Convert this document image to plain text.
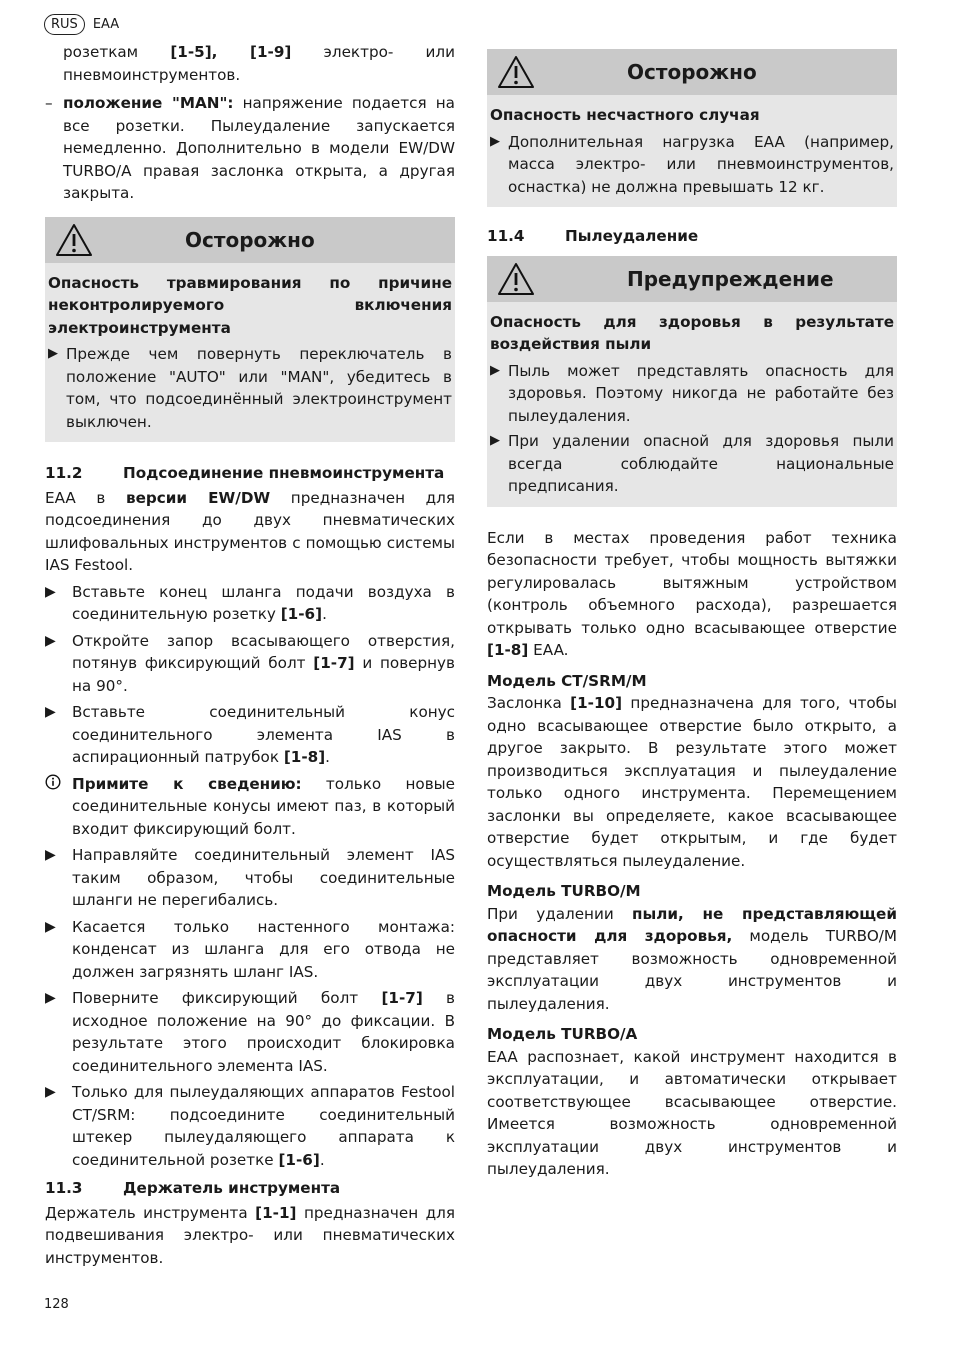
RUS	EAA

розеткам [1-5], [1-9] электро- или пневмоинструментов.

– положение "MAN": напряжение подается на все розетки. Пылеудаление запускается немедленно. Дополнительно в модели EW/DW TURBO/A правая заслонка открыта, а другая закрыта.

Осторожно

Опасность травмирования по причине неконтролируемого включения электроинструмента

▶ Прежде чем повернуть переключатель в положение "AUTO" или "MAN", убедитесь в том, что подсоединённый электроинструмент выключен.

11.2	Подсоединение пневмоинструмента

EAA в версии EW/DW предназначен для подсоединения до двух пневматических шлифовальных инструментов с помощью системы IAS Festool.

▶	Вставьте конец шланга подачи воздуха в соединительную розетку [1-6].

▶	Откройте запор всасывающего отверстия, потянув фиксирующий болт [1-7] и повернув на 90°.

▶	Вставьте соединительный конус соединительного элемента IAS в аспирационный патрубок [1-8].

Примите к сведению: только новые соединительные конусы имеют паз, в который входит фиксирующий болт.

▶	Направляйте соединительный элемент IAS таким образом, чтобы соединительные шланги не перегибались.

▶	Касается только настенного монтажа: конденсат из шланга для его отвода не должен загрязнять шланг IAS.

▶	Поверните фиксирующий болт [1-7] в исходное положение на 90° до фиксации. В результате этого происходит блокировка соединительного элемента IAS.

▶	Только для пылеудаляющих аппаратов Festool CT/SRM: подсоедините соединительный штекер пылеудаляющего аппарата к соединительной розетке [1-6].

11.3	Держатель инструмента

Держатель инструмента [1-1] предназначен для подвешивания электро- или пневматических инструментов.

Осторожно

Опасность несчастного случая

▶ Дополнительная нагрузка EAA (например, масса электро- или пневмоинструментов, оснастка) не должна превышать 12 кг.

11.4	Пылеудаление
Предупреждение

Опасность для здоровья в результате воздействия пыли

▶ Пыль может представлять опасность для здоровья. Поэтому никогда не работайте без пылеудаления.

▶ При удалении опасной для здоровья пыли всегда соблюдайте национальные предписания.

Если в местах проведения работ техника безопасности требует, чтобы мощность вытяжки регулировалась вытяжным устройством (контроль объемного расхода), разрешается открывать только одно всасывающее отверстие [1-8] EAA.

Модель CT/SRM/M

Заслонка [1-10] предназначена для того, чтобы одно всасывающее отверстие было открыто, а другое закрыто. В результате этого может производиться эксплуатация и пылеудаление только одного инструмента. Перемещением заслонки вы определяете, какое всасывающее отверстие будет открытым, и где будет осуществляться пылеудаление.

Модель TURBO/M

При удалении пыли, не представляющей опасности для здоровья, модель TURBO/M представляет возможность одновременной эксплуатации двух инструментов и пылеудаления.

Модель TURBO/A

EAA распознает, какой инструмент находится в эксплуатации, и автоматически открывает соответствующее всасывающее отверстие. Имеется возможность одновременной эксплуатации двух инструментов и пылеудаления.

128
